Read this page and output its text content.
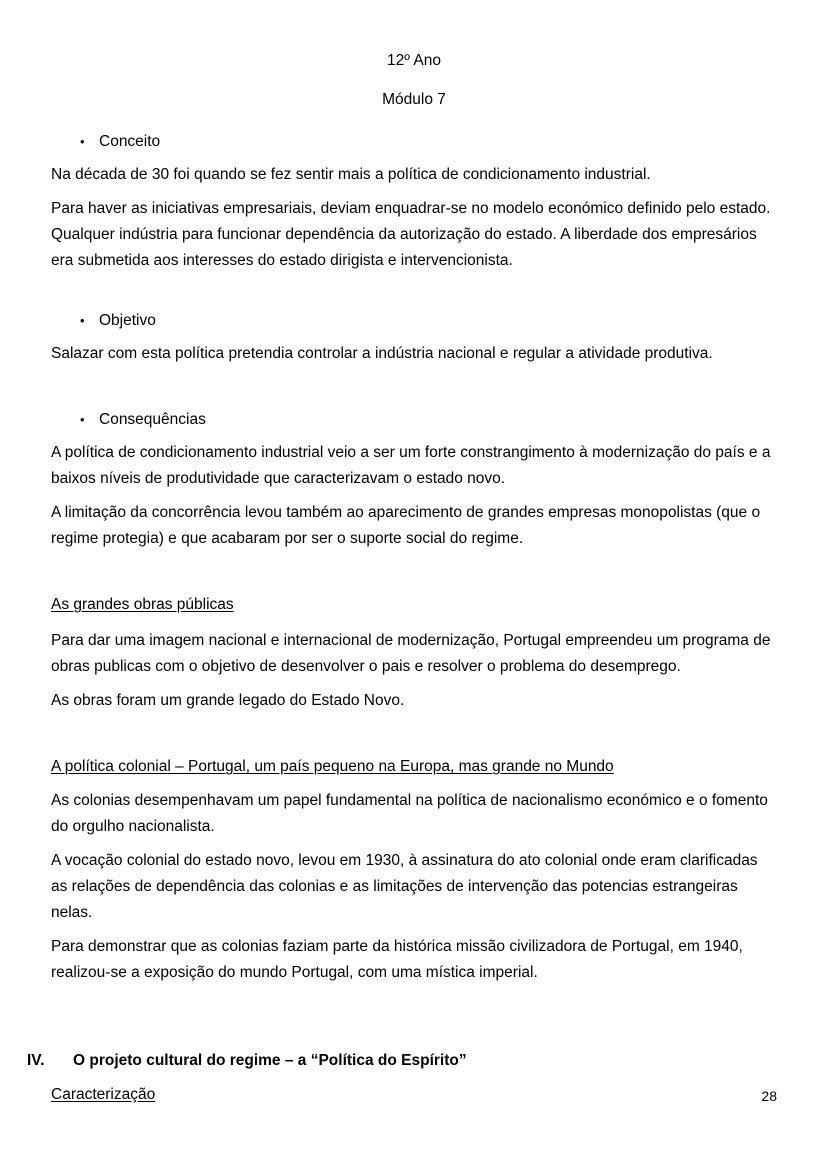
12º Ano
Módulo 7
• Conceito

Na década de 30 foi quando se fez sentir mais a política de condicionamento industrial.

Para haver as iniciativas empresariais, deviam enquadrar-se no modelo económico definido pelo estado. Qualquer indústria para funcionar dependência da autorização do estado. A liberdade dos empresários era submetida aos interesses do estado dirigista e intervencionista.

• Objetivo

Salazar com esta política pretendia controlar a indústria nacional e regular a atividade produtiva.

• Consequências

A política de condicionamento industrial veio a ser um forte constrangimento à modernização do país e a baixos níveis de produtividade que caracterizavam o estado novo.

A limitação da concorrência levou também ao aparecimento de grandes empresas monopolistas (que o regime protegia) e que acabaram por ser o suporte social do regime.

As grandes obras públicas

Para dar uma imagem nacional e internacional de modernização, Portugal empreendeu um programa de obras publicas com o objetivo de desenvolver o pais e resolver o problema do desemprego.

As obras foram um grande legado do Estado Novo.

A política colonial – Portugal, um país pequeno na Europa, mas grande no Mundo

As colonias desempenhavam um papel fundamental na política de nacionalismo económico e o fomento do orgulho nacionalista.

A vocação colonial do estado novo, levou em 1930, à assinatura do ato colonial onde eram clarificadas as relações de dependência das colonias e as limitações de intervenção das potencias estrangeiras nelas.

Para demonstrar que as colonias faziam parte da histórica missão civilizadora de Portugal, em 1940, realizou-se a exposição do mundo Portugal, com uma mística imperial.

IV.	O projeto cultural do regime – a “Política do Espírito”
Caracterização	28
